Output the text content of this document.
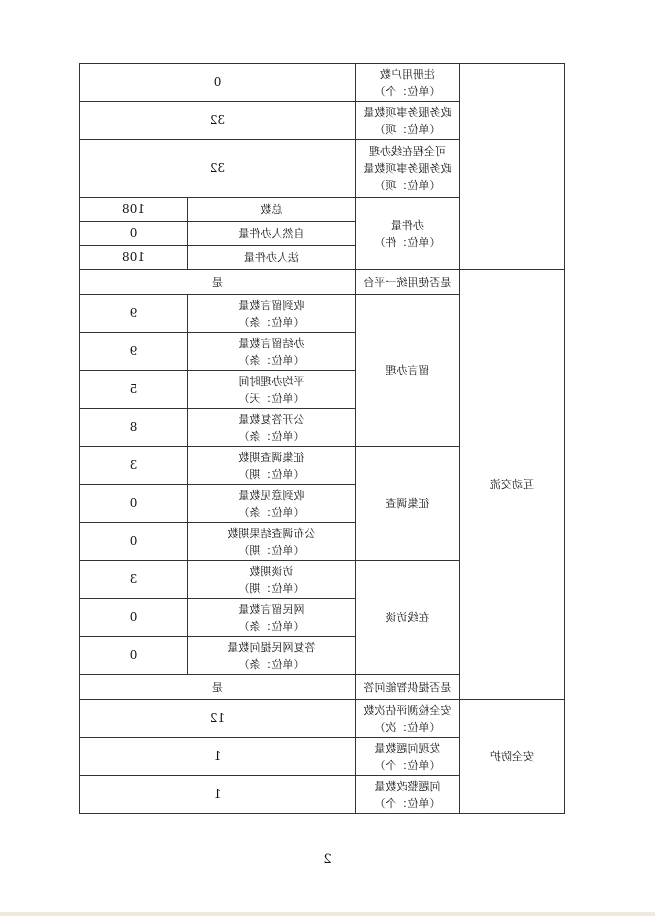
	注册用户数
（单位：个）	0	

	政务服务事项数量
（单位：项）	32	

	可全程在线办理
政务服务事项数量
（单位：项）	32	

	办件量
（单位：件）	总数	108
		自然人办件量	0
		法人办件量	108
互动交流	是否使用统一平台	是	
	留言办理	收到留言数量
（单位：条）	9

		办结留言数量
（单位：条）	9

		平均办理时间
（单位：天）	5

		公开答复数量
（单位：条）	8
	征集调查	征集调查期数
（单位：期）	3

		收到意见数量
（单位：条）	0

		公布调查结果期数
（单位：期）	0
	在线访谈	访谈期数
（单位：期）	3

		网民留言数量
（单位：条）	0

		答复网民提问数量
（单位：条）	0
	是否提供智能问答	是	
安全防护	安全检测评估次数
（单位：次）	12	

	发现问题数量
（单位：个）	1	

	问题整改数量
（单位：个）	1	
2
